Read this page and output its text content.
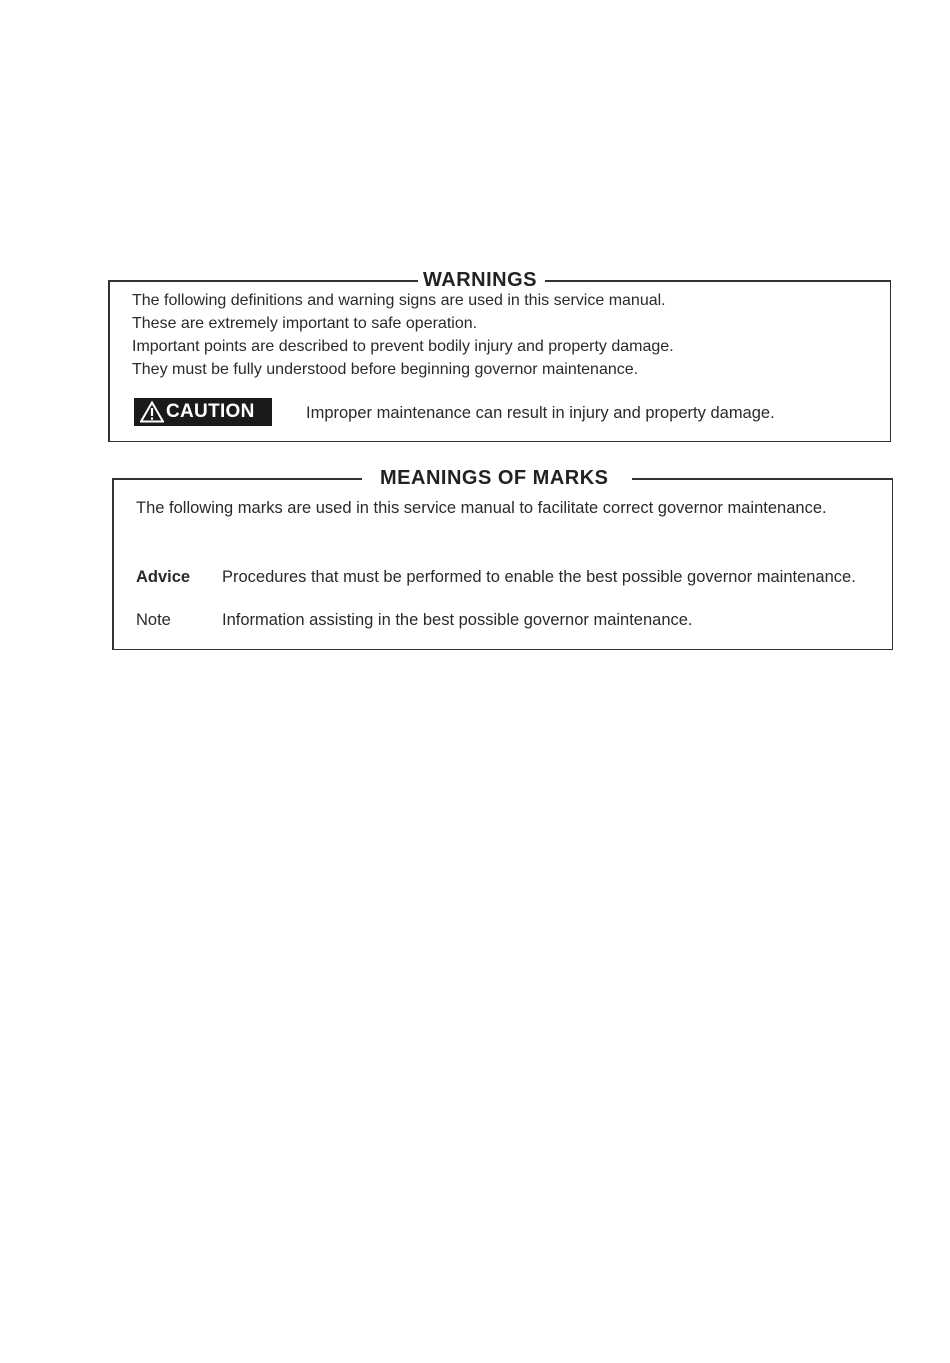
WARNINGS
The following definitions and warning signs are used in this service manual.
These are extremely important to safe operation.
Important points are described to prevent bodily injury and property damage.
They must be fully understood before beginning governor maintenance.
CAUTION	Improper maintenance can result in injury and property damage.
MEANINGS OF MARKS
The following marks are used in this service manual to facilitate correct governor maintenance.
Advice Procedures that must be performed to enable the best possible governor maintenance.
Note	Information assisting in the best possible governor maintenance.
